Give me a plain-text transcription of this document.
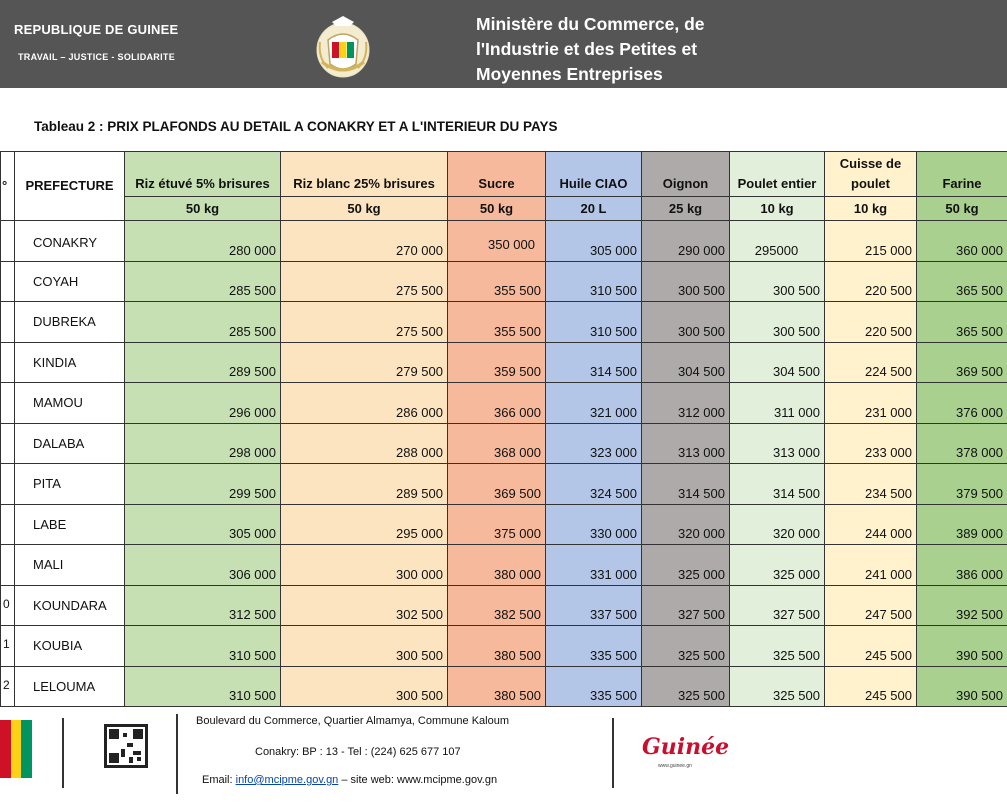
REPUBLIQUE DE GUINEE
TRAVAIL – JUSTICE - SOLIDARITE
Ministère du Commerce, de
l'Industrie et des Petites et
Moyennes Entreprises
Tableau 2 : PRIX PLAFONDS AU DETAIL A CONAKRY ET A L'INTERIEUR DU PAYS
°	PREFECTURE	Riz étuvé 5% brisures	Riz blanc 25% brisures	Sucre	Huile CIAO	Oignon	Poulet entier	Cuisse de poulet	Farine
		50 kg	50 kg	50 kg	20 L	25 kg	10 kg	10 kg	50 kg
	CONAKRY	280 000	270 000	350 000	305 000	290 000	295000	215 000	360 000
	COYAH	285 500	275 500	355 500	310 500	300 500	300 500	220 500	365 500
	DUBREKA	285 500	275 500	355 500	310 500	300 500	300 500	220 500	365 500
	KINDIA	289 500	279 500	359 500	314 500	304 500	304 500	224 500	369 500
	MAMOU	296 000	286 000	366 000	321 000	312 000	311 000	231 000	376 000
	DALABA	298 000	288 000	368 000	323 000	313 000	313 000	233 000	378 000
	PITA	299 500	289 500	369 500	324 500	314 500	314 500	234 500	379 500
	LABE	305 000	295 000	375 000	330 000	320 000	320 000	244 000	389 000
	MALI	306 000	300 000	380 000	331 000	325 000	325 000	241 000	386 000
0	KOUNDARA	312 500	302 500	382 500	337 500	327 500	327 500	247 500	392 500
1	KOUBIA	310 500	300 500	380 500	335 500	325 500	325 500	245 500	390 500
2	LELOUMA	310 500	300 500	380 500	335 500	325 500	325 500	245 500	390 500
Boulevard du Commerce, Quartier Almamya, Commune Kaloum
Conakry: BP : 13 - Tel : (224) 625 677 107
Email: info@mcipme.gov.gn – site web: www.mcipme.gov.gn
Guinée
www.guinee.gn
